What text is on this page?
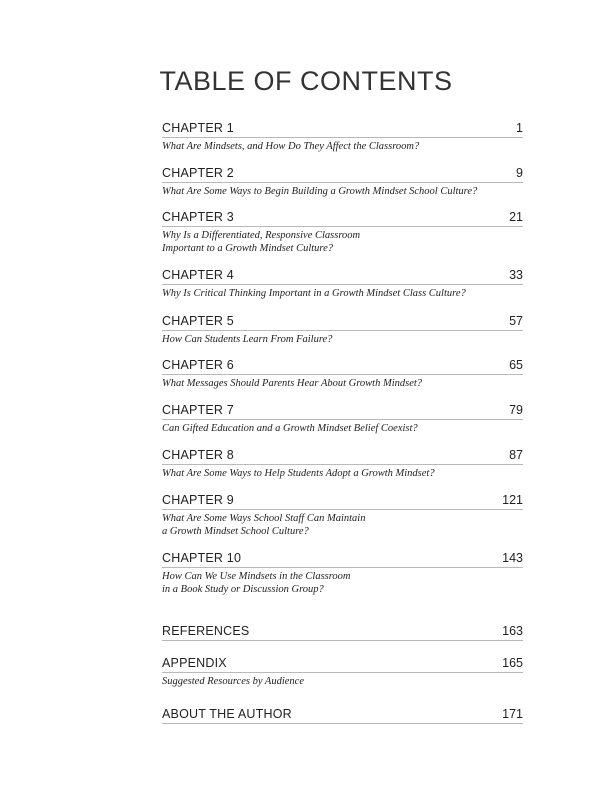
TABLE OF CONTENTS
CHAPTER 1	1
What Are Mindsets, and How Do They Affect the Classroom?
CHAPTER 2	9
What Are Some Ways to Begin Building a Growth Mindset School Culture?
CHAPTER 3	21
Why Is a Differentiated, Responsive Classroom
Important to a Growth Mindset Culture?
CHAPTER 4	33
Why Is Critical Thinking Important in a Growth Mindset Class Culture?
CHAPTER 5	57
How Can Students Learn From Failure?
CHAPTER 6	65
What Messages Should Parents Hear About Growth Mindset?
CHAPTER 7	79
Can Gifted Education and a Growth Mindset Belief Coexist?
CHAPTER 8	87
What Are Some Ways to Help Students Adopt a Growth Mindset?
CHAPTER 9	121
What Are Some Ways School Staff Can Maintain
a Growth Mindset School Culture?
CHAPTER 10	143
How Can We Use Mindsets in the Classroom
in a Book Study or Discussion Group?
REFERENCES	163
APPENDIX	165
Suggested Resources by Audience
ABOUT THE AUTHOR	171
